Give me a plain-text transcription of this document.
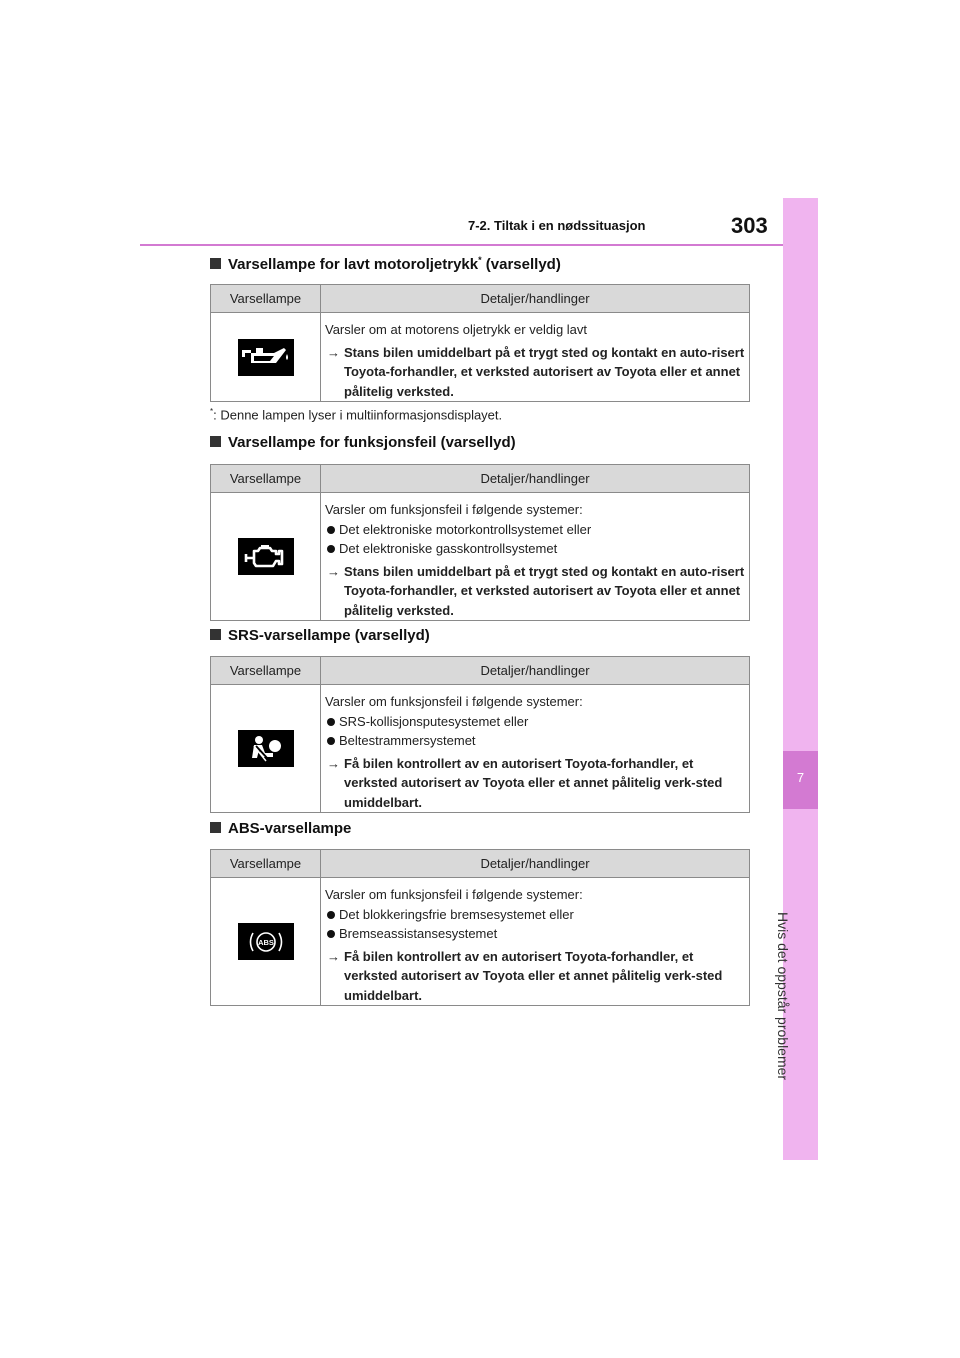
7-2. Tiltak i en nødssituasjon	303
7
Hvis det oppstår problemer
Varsellampe for lavt motoroljetrykk* (varsellyd)
Varsellampe	Detaljer/handlinger
Varsler om at motorens oljetrykk er veldig lavt
→ Stans bilen umiddelbart på et trygt sted og kontakt en auto-risert Toyota-forhandler, et verksted autorisert av Toyota eller et annet pålitelig verksted.
*: Denne lampen lyser i multiinformasjonsdisplayet.
Varsellampe for funksjonsfeil (varsellyd)
Varsellampe	Detaljer/handlinger
Varsler om funksjonsfeil i følgende systemer:
Det elektroniske motorkontrollsystemet eller
Det elektroniske gasskontrollsystemet
→ Stans bilen umiddelbart på et trygt sted og kontakt en auto-risert Toyota-forhandler, et verksted autorisert av Toyota eller et annet pålitelig verksted.
SRS-varsellampe (varsellyd)
Varsellampe	Detaljer/handlinger
Varsler om funksjonsfeil i følgende systemer:
SRS-kollisjonsputesystemet eller
Beltestrammersystemet
→ Få bilen kontrollert av en autorisert Toyota-forhandler, et verksted autorisert av Toyota eller et annet pålitelig verk-sted umiddelbart.
ABS-varsellampe
Varsellampe	Detaljer/handlinger
ABS
Varsler om funksjonsfeil i følgende systemer:
Det blokkeringsfrie bremsesystemet eller
Bremseassistansesystemet
→ Få bilen kontrollert av en autorisert Toyota-forhandler, et verksted autorisert av Toyota eller et annet pålitelig verk-sted umiddelbart.
